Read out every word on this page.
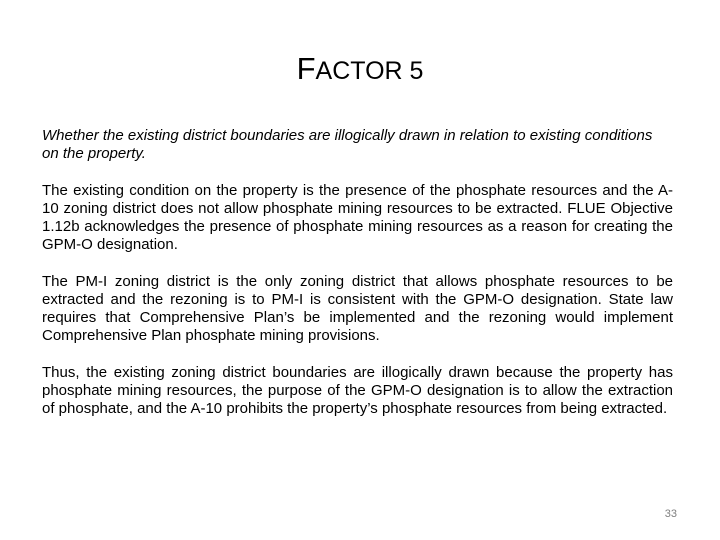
FACTOR 5

Whether the existing district boundaries are illogically drawn in relation to existing conditions on the property.

The existing condition on the property is the presence of the phosphate resources and the A-10 zoning district does not allow phosphate mining resources to be extracted. FLUE Objective 1.12b acknowledges the presence of phosphate mining resources as a reason for creating the GPM-O designation.

The PM-I zoning district is the only zoning district that allows phosphate resources to be extracted and the rezoning is to PM-I is consistent with the GPM-O designation. State law requires that Comprehensive Plan’s be implemented and the rezoning would implement Comprehensive Plan phosphate mining provisions.

Thus, the existing zoning district boundaries are illogically drawn because the property has phosphate mining resources, the purpose of the GPM-O designation is to allow the extraction of phosphate, and the A-10 prohibits the property’s phosphate resources from being extracted.

33
